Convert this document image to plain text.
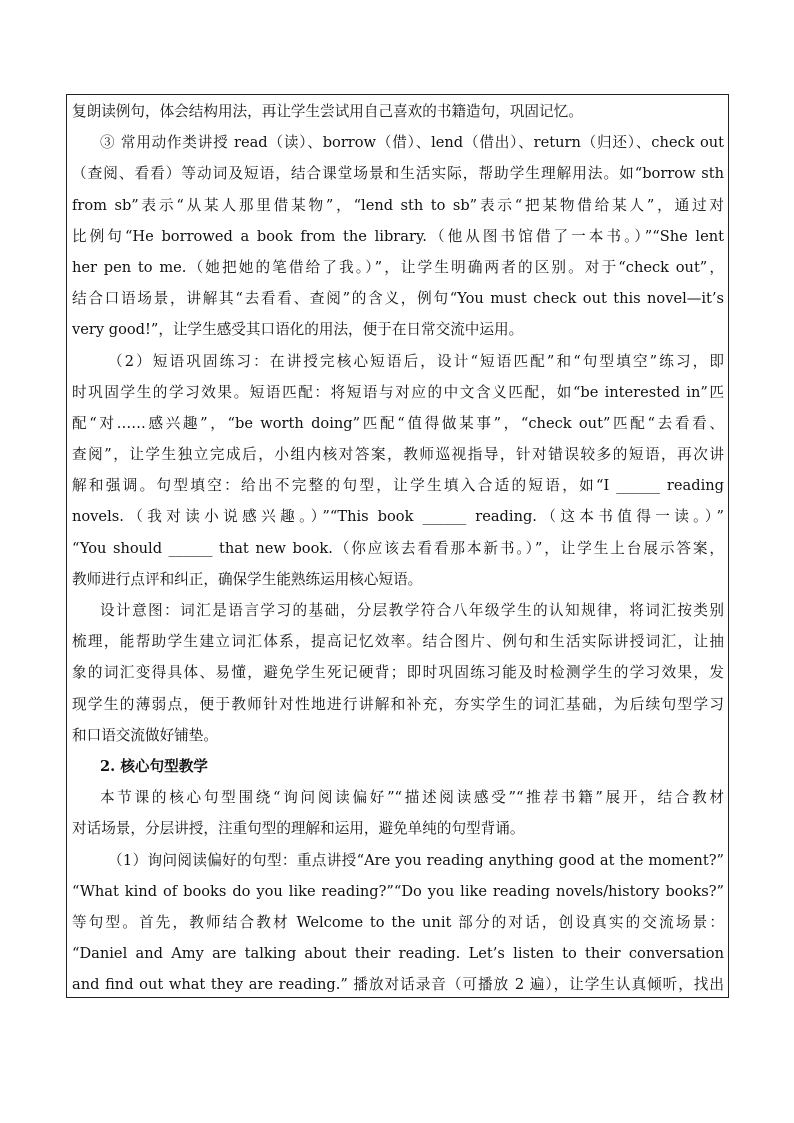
复朗读例句，体会结构用法，再让学生尝试用自己喜欢的书籍造句，巩固记忆。
③ 常用动作类讲授 read（读）、borrow（借）、lend（借出）、return（归还）、check out
（查阅、看看）等动词及短语，结合课堂场景和生活实际，帮助学生理解用法。如“borrow sth
from sb”表示“从某人那里借某物”，“lend sth to sb”表示“把某物借给某人”，通过对
比例句“He borrowed a book from the library.（他从图书馆借了一本书。）”“She lent
her pen to me.（她把她的笔借给了我。）”，让学生明确两者的区别。对于“check out”，
结合口语场景，讲解其“去看看、查阅”的含义，例句“You must check out this novel—it’s
very good!”，让学生感受其口语化的用法，便于在日常交流中运用。
（2）短语巩固练习：在讲授完核心短语后，设计“短语匹配”和“句型填空”练习，即
时巩固学生的学习效果。短语匹配：将短语与对应的中文含义匹配，如“be interested in”匹
配“对……感兴趣”，“be worth doing”匹配“值得做某事”，“check out”匹配“去看看、
查阅”，让学生独立完成后，小组内核对答案，教师巡视指导，针对错误较多的短语，再次讲
解和强调。句型填空：给出不完整的句型，让学生填入合适的短语，如“I ______ reading
novels.（我对读小说感兴趣。）”“This book ______ reading.（这本书值得一读。）”
“You should ______ that new book.（你应该去看看那本新书。）”，让学生上台展示答案，
教师进行点评和纠正，确保学生能熟练运用核心短语。
设计意图：词汇是语言学习的基础，分层教学符合八年级学生的认知规律，将词汇按类别
梳理，能帮助学生建立词汇体系，提高记忆效率。结合图片、例句和生活实际讲授词汇，让抽
象的词汇变得具体、易懂，避免学生死记硬背；即时巩固练习能及时检测学生的学习效果，发
现学生的薄弱点，便于教师针对性地进行讲解和补充，夯实学生的词汇基础，为后续句型学习
和口语交流做好铺垫。
2. 核心句型教学
本节课的核心句型围绕“询问阅读偏好”“描述阅读感受”“推荐书籍”展开，结合教材
对话场景，分层讲授，注重句型的理解和运用，避免单纯的句型背诵。
（1）询问阅读偏好的句型：重点讲授“Are you reading anything good at the moment?”
“What kind of books do you like reading?”“Do you like reading novels/history books?”
等句型。首先，教师结合教材 Welcome to the unit 部分的对话，创设真实的交流场景：
“Daniel and Amy are talking about their reading. Let’s listen to their conversation
and find out what they are reading.” 播放对话录音（可播放 2 遍），让学生认真倾听，找出
